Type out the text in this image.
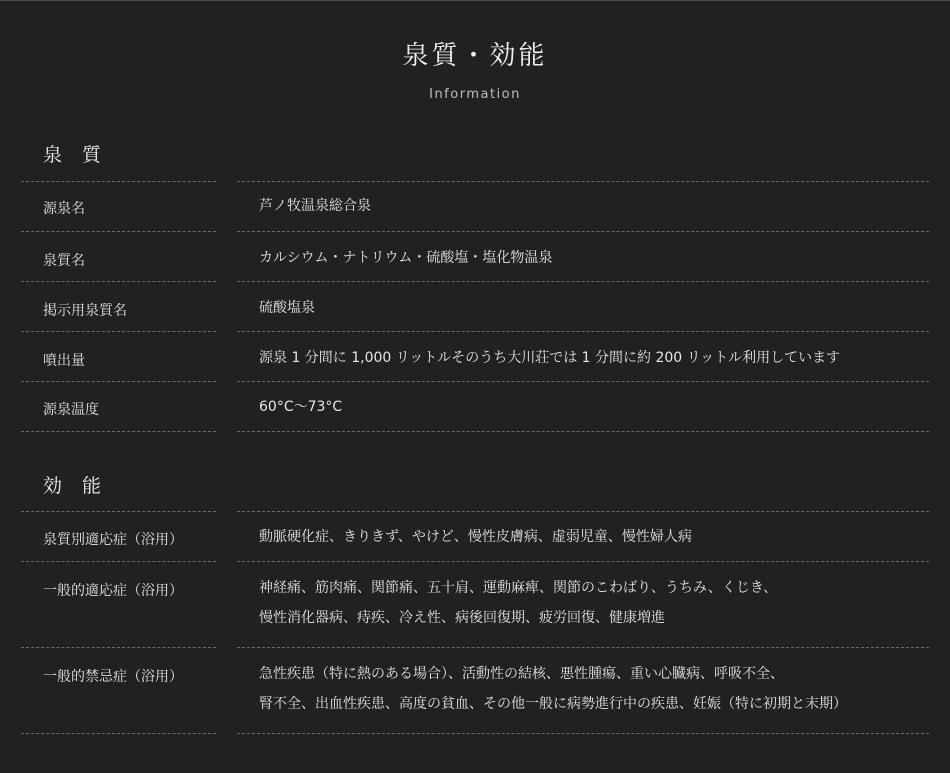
泉質・効能
Information
泉 質
源泉名	芦ノ牧温泉総合泉
泉質名	カルシウム・ナトリウム・硫酸塩・塩化物温泉
掲示用泉質名	硫酸塩泉
噴出量	源泉 1 分間に 1,000 リットルそのうち大川荘では 1 分間に約 200 リットル利用しています
源泉温度	60°C〜73°C
効 能
泉質別適応症（浴用）	動脈硬化症、きりきず、やけど、慢性皮膚病、虚弱児童、慢性婦人病
一般的適応症（浴用）	神経痛、筋肉痛、関節痛、五十肩、運動麻痺、関節のこわばり、うちみ、くじき、
慢性消化器病、痔疾、冷え性、病後回復期、疲労回復、健康増進
一般的禁忌症（浴用）	急性疾患（特に熱のある場合）、活動性の結核、悪性腫瘍、重い心臓病、呼吸不全、
腎不全、出血性疾患、高度の貧血、その他一般に病勢進行中の疾患、妊娠（特に初期と末期）
